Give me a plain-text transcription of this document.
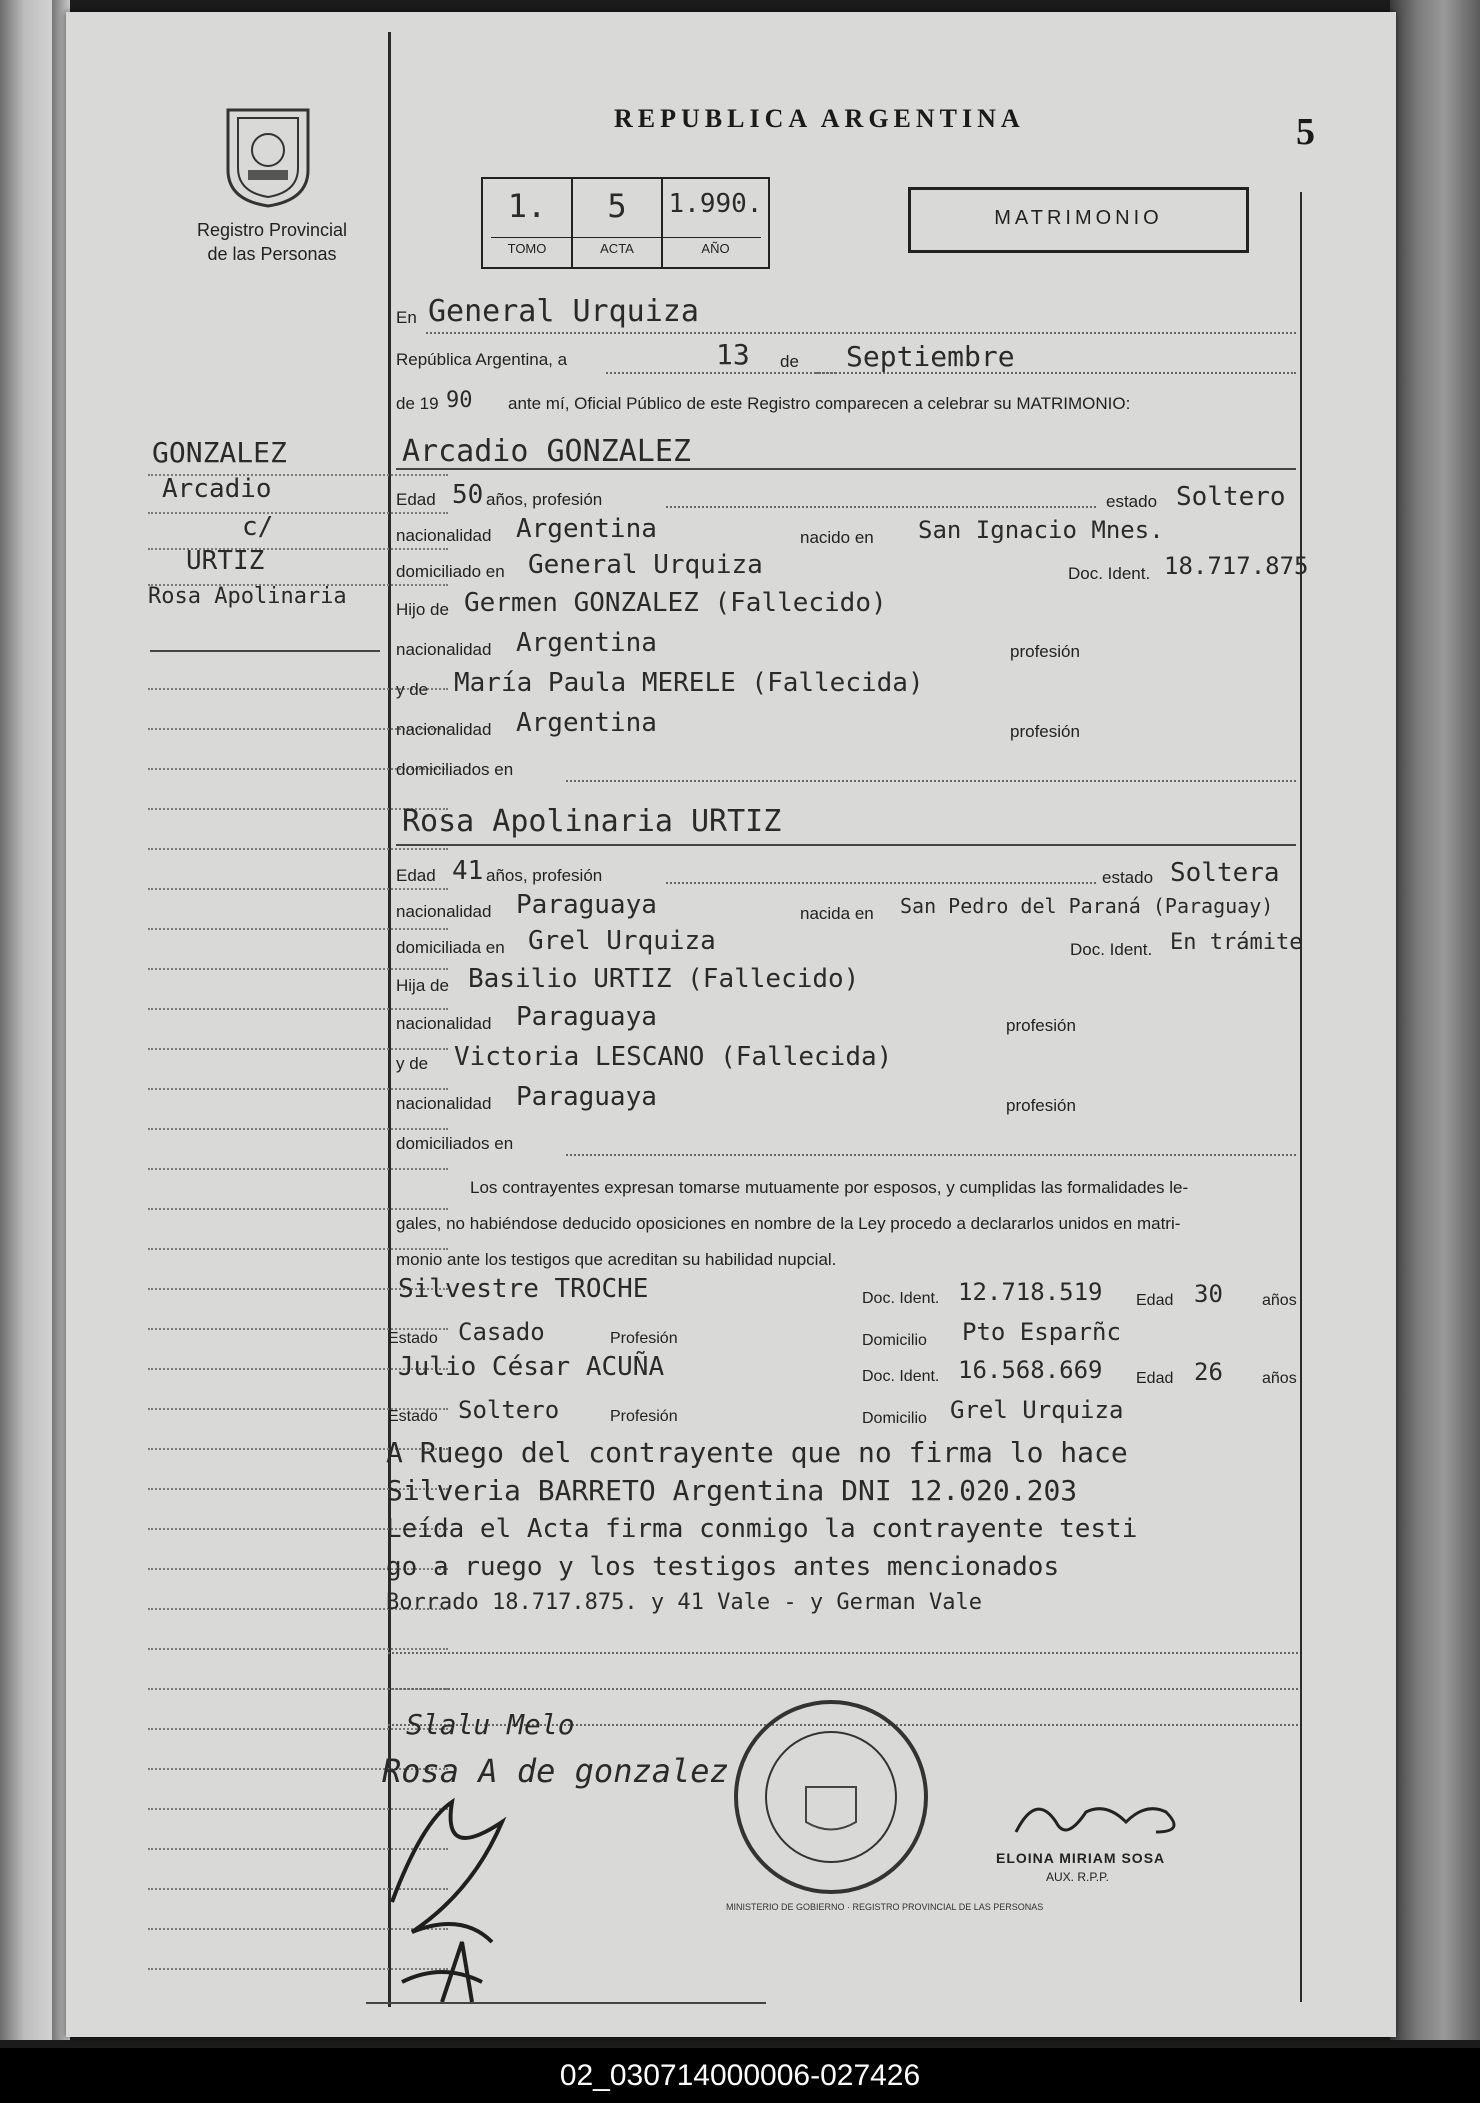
Registro Provincial
de las Personas
REPUBLICA ARGENTINA	5
1.	5	1.990.
TOMO	ACTA	AÑO
MATRIMONIO
GONZALEZ
Arcadio
c/
URTIZ
Rosa Apolinaria
En General Urquiza
República Argentina, a	13 de Septiembre
de 19 90 ante mí, Oficial Público de este Registro comparecen a celebrar su MATRIMONIO:
Arcadio GONZALEZ
Edad 50 años, profesión	estado Soltero
nacionalidad Argentina	nacido en San Ignacio Mnes.
domiciliado en General Urquiza	Doc. Ident. 18.717.875
Hijo de Germen GONZALEZ (Fallecido)
nacionalidad Argentina	profesión
y de María Paula MERELE (Fallecida)
nacionalidad Argentina	profesión
domiciliados en
Rosa Apolinaria URTIZ
Edad 41 años, profesión	estado Soltera
nacionalidad Paraguaya	nacida en San Pedro del Paraná (Paraguay)
domiciliada en Grel Urquiza	Doc. Ident. En trámite
Hija de Basilio URTIZ (Fallecido)
nacionalidad Paraguaya	profesión
y de Victoria LESCANO (Fallecida)
nacionalidad Paraguaya	profesión
domiciliados en
Los contrayentes expresan tomarse mutuamente por esposos, y cumplidas las formalidades le-
gales, no habiéndose deducido oposiciones en nombre de la Ley procedo a declararlos unidos en matri-
monio ante los testigos que acreditan su habilidad nupcial.
Silvestre TROCHE	Doc. Ident. 12.718.519 Edad 30 años
Estado Casado	Profesión	Domicilio Pto Esparñc
Julio César ACUÑA	Doc. Ident. 16.568.669 Edad 26 años
Estado Soltero	Profesión	Domicilio Grel Urquiza
A Ruego del contrayente que no firma lo hace
Silveria BARRETO Argentina DNI 12.020.203
Leída el Acta firma conmigo la contrayente testi
go a ruego y los testigos antes mencionados
Borrado 18.717.875. y 41 Vale - y German Vale
Slalu Melo
Rosa A de gonzalez
MINISTERIO DE GOBIERNO · REGISTRO PROVINCIAL DE LAS PERSONAS
ELOINA MIRIAM SOSA
AUX. R.P.P.
02_030714000006-027426
